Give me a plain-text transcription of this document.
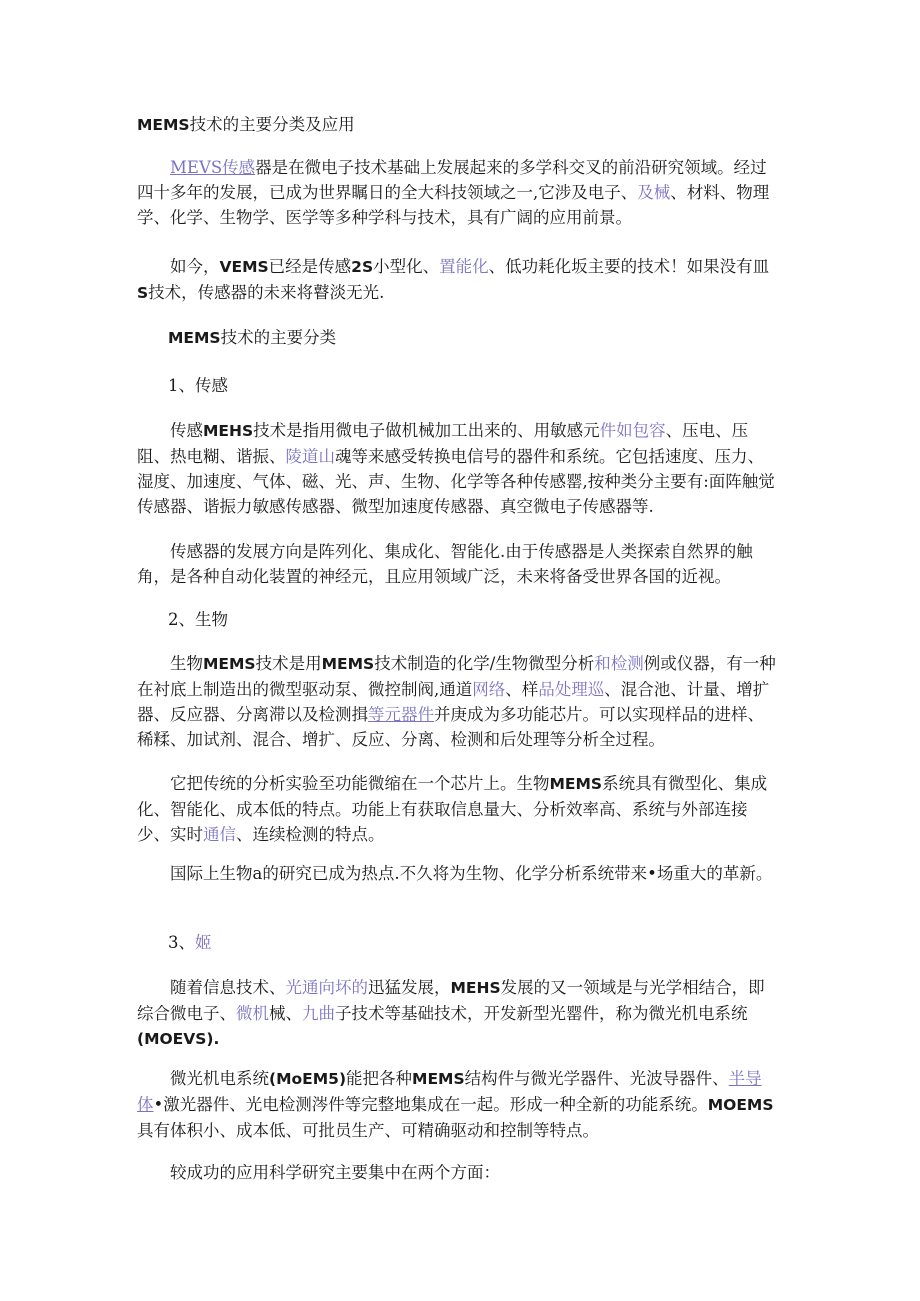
MEMS技术的主要分类及应用

MEVS传感器是在微电子技术基础上发展起来的多学科交叉的前沿研究领域。经过四十多年的发展，已成为世界瞩日的全大科技领域之一,它涉及电子、及械、材料、物理学、化学、生物学、医学等多种学科与技术，具有广阔的应用前景。

如今，VEMS已经是传感2S小型化、置能化、低功耗化坂主要的技术！如果没有皿S技术，传感器的未来将瞽淡无光.

MEMS技术的主要分类

1、传感

传感MEHS技术是指用微电子做机械加工出来的、用敏感元件如包容、压电、压阻、热电糊、谐振、陵道山魂等来感受转换电信号的器件和系统。它包括速度、压力、湿度、加速度、气体、磁、光、声、生物、化学等各种传感罂,按种类分主要有:面阵触觉传感器、谐振力敏感传感器、微型加速度传感器、真空微电子传感器等.

传感器的发展方向是阵列化、集成化、智能化.由于传感器是人类探索自然界的触角，是各种自动化装置的神经元，且应用领域广泛，未来将备受世界各国的近视。

2、生物

生物MEMS技术是用MEMS技术制造的化学/生物微型分析和检测例或仪器，有一种在衬底上制造出的微型驱动泵、微控制阀,通道网络、样品处理巡、混合池、计量、增扩器、反应器、分离滞以及检测揖等元器件并庚成为多功能芯片。可以实现样品的进样、稀糅、加试剂、混合、增扩、反应、分离、检测和后处理等分析全过程。

它把传统的分析实验至功能微缩在一个芯片上。生物MEMS系统具有微型化、集成化、智能化、成本低的特点。功能上有获取信息量大、分析效率高、系统与外部连接少、实时通信、连续检测的特点。

国际上生物a的研究已成为热点.不久将为生物、化学分析系统带来•场重大的革新。

3、姬

随着信息技术、光通向坏的迅猛发展，MEHS发展的又一领域是与光学相结合，即综合微电子、微机械、九曲子技术等基础技术，开发新型光罂件，称为微光机电系统(MOEVS).

微光机电系统(MoEM5)能把各种MEMS结构件与微光学器件、光波导器件、半导体•激光器件、光电检测涔件等完整地集成在一起。形成一种全新的功能系统。MOEMS具有体积小、成本低、可批员生产、可精确驱动和控制等特点。

较成功的应用科学研究主要集中在两个方面：
